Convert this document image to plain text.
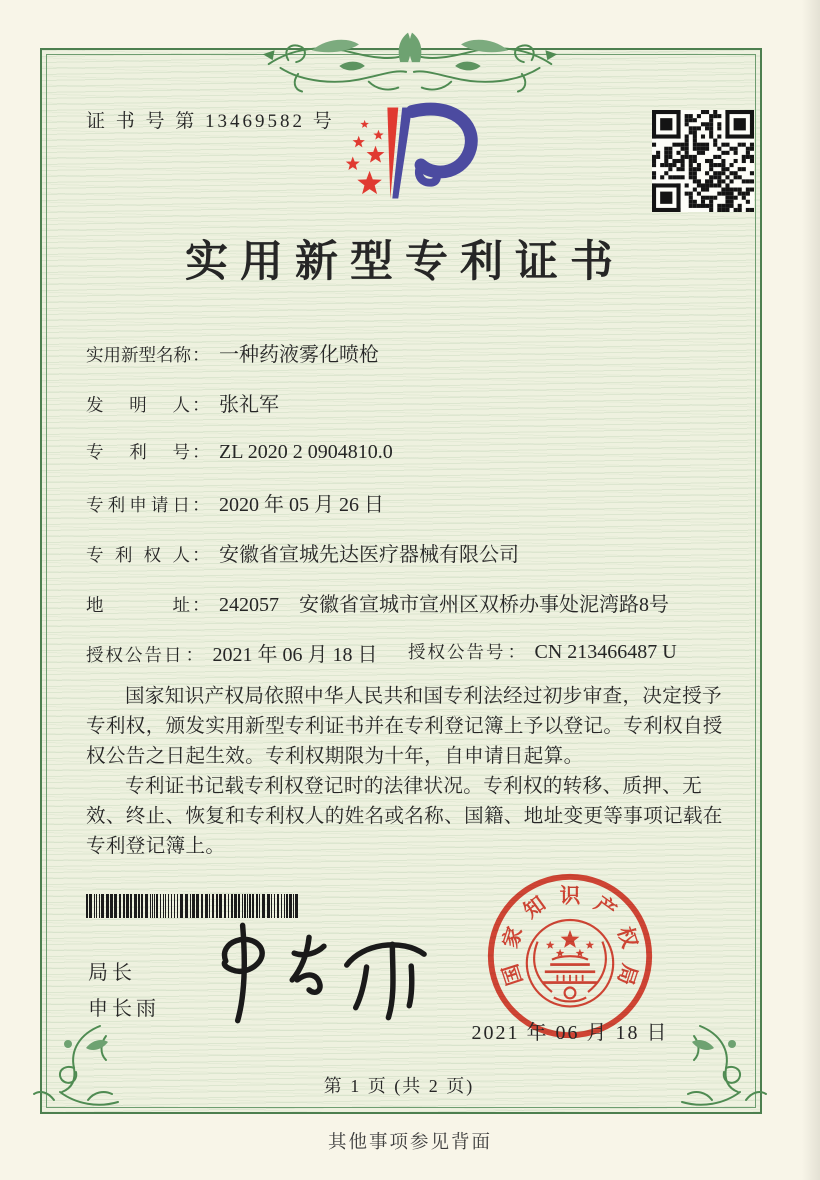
证 书 号 第 13469582 号
实用新型专利证书
实用新型名称： 一种药液雾化喷枪
发明人 ： 张礼军
专利号 ： ZL 2020 2 0904810.0
专利申请日 ： 2020 年 05 月 26 日
专利权人 ： 安徽省宣城先达医疗器械有限公司
地址 ： 242057　安徽省宣城市宣州区双桥办事处泥湾路8号
授权公告日 ： 2021 年 06 月 18 日 授权公告号 ： CN 213466487 U

国家知识产权局依照中华人民共和国专利法经过初步审查，决定授予专利权，颁发实用新型专利证书并在专利登记簿上予以登记。专利权自授权公告之日起生效。专利权期限为十年，自申请日起算。

专利证书记载专利权登记时的法律状况。专利权的转移、质押、无效、终止、恢复和专利权人的姓名或名称、国籍、地址变更等事项记载在专利登记簿上。

局长
申长雨
国
家
知 识 产
权
局
2021 年 06 月 18 日
第 1 页 (共 2 页)
其他事项参见背面
